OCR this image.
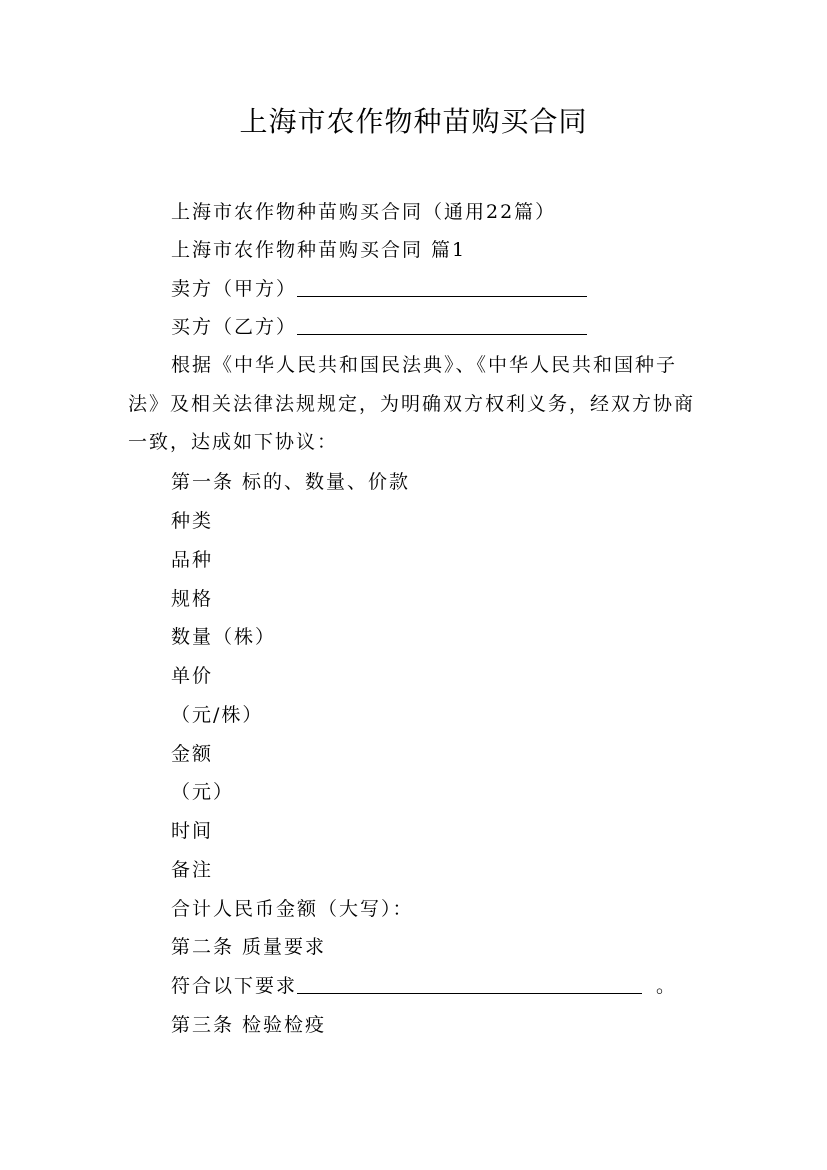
上海市农作物种苗购买合同
上海市农作物种苗购买合同（通用22篇）
上海市农作物种苗购买合同 篇1
卖方（甲方）
买方（乙方）
根据《中华人民共和国民法典》、《中华人民共和国种子法》及相关法律法规规定，为明确双方权利义务，经双方协商一致，达成如下协议：
第一条 标的、数量、价款
种类
品种
规格
数量（株）
单价
（元/株）
金额
（元）
时间
备注
合计人民币金额（大写）：
第二条 质量要求
符合以下要求	。
第三条 检验检疫
